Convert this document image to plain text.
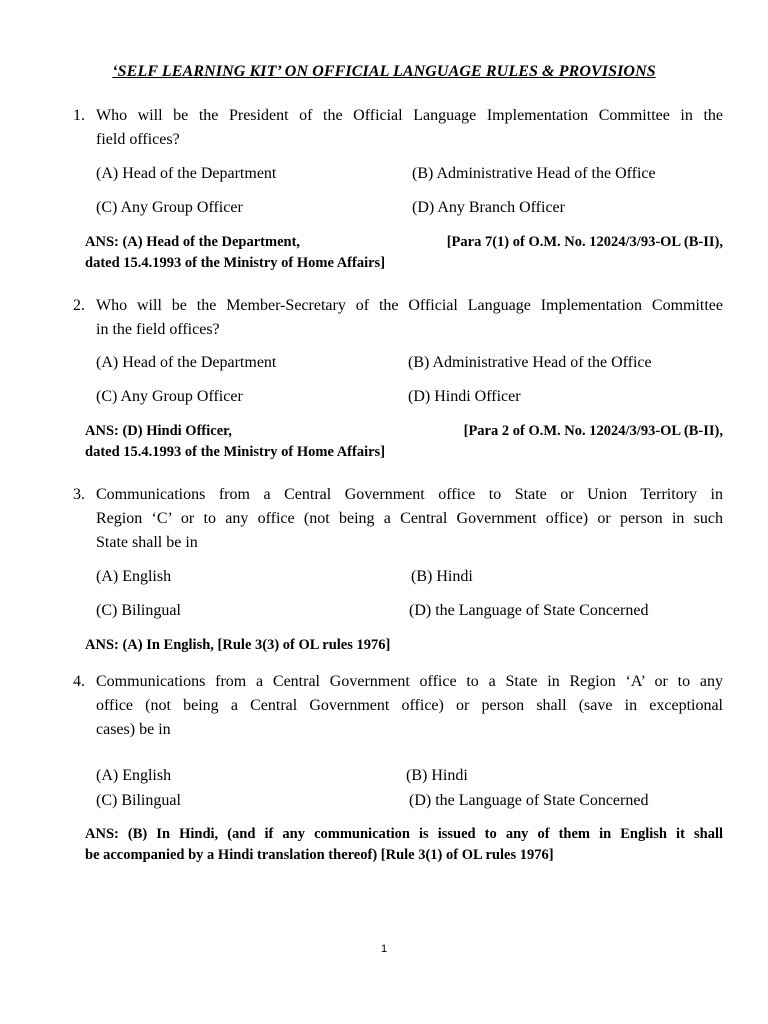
‘SELF LEARNING KIT’ ON OFFICIAL LANGUAGE RULES & PROVISIONS
1. Who will be the President of the Official Language Implementation Committee in the
field offices?
(A) Head of the Department	(B) Administrative Head of the Office
(C) Any Group Officer	(D) Any Branch Officer
ANS: (A) Head of the Department,	[Para 7(1) of O.M. No. 12024/3/93-OL (B-II),
dated 15.4.1993 of the Ministry of Home Affairs]
2. Who will be the Member-Secretary of the Official Language Implementation Committee
in the field offices?
(A) Head of the Department	(B) Administrative Head of the Office
(C) Any Group Officer	(D) Hindi Officer
ANS: (D) Hindi Officer,	[Para 2 of O.M. No. 12024/3/93-OL (B-II),
dated 15.4.1993 of the Ministry of Home Affairs]
3. Communications from a Central Government office to State or Union Territory in
Region ‘C’ or to any office (not being a Central Government office) or person in such
State shall be in
(A) English	(B) Hindi
(C) Bilingual	(D) the Language of State Concerned
ANS: (A) In English, [Rule 3(3) of OL rules 1976]
4. Communications from a Central Government office to a State in Region ‘A’ or to any
office (not being a Central Government office) or person shall (save in exceptional
cases) be in
(A) English	(B) Hindi
(C) Bilingual	(D) the Language of State Concerned
ANS: (B) In Hindi, (and if any communication is issued to any of them in English it shall
be accompanied by a Hindi translation thereof) [Rule 3(1) of OL rules 1976]
1
